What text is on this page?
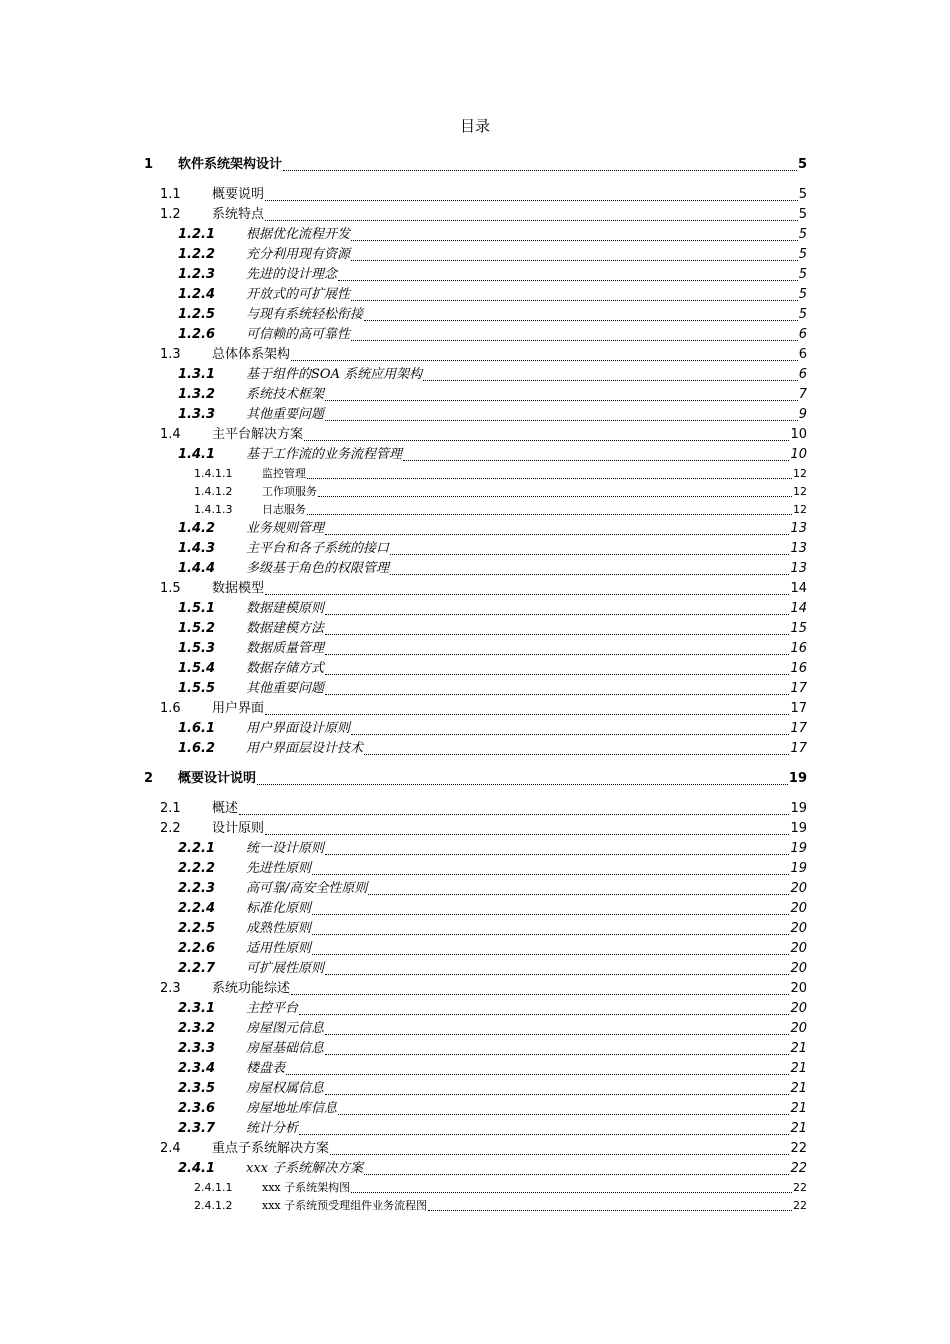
目录
1	软件系统架构设计	5
1.1	概要说明	5
1.2	系统特点	5
1.2.1	根据优化流程开发	5
1.2.2	充分利用现有资源	5
1.2.3	先进的设计理念	5
1.2.4	开放式的可扩展性	5
1.2.5	与现有系统轻松衔接	5
1.2.6	可信赖的高可靠性	6
1.3	总体体系架构	6
1.3.1	基于组件的SOA 系统应用架构	6
1.3.2	系统技术框架	7
1.3.3	其他重要问题	9
1.4	主平台解决方案	10
1.4.1	基于工作流的业务流程管理	10
1.4.1.1	监控管理	12
1.4.1.2	工作项服务	12
1.4.1.3	日志服务	12
1.4.2	业务规则管理	13
1.4.3	主平台和各子系统的接口	13
1.4.4	多级基于角色的权限管理	13
1.5	数据模型	14
1.5.1	数据建模原则	14
1.5.2	数据建模方法	15
1.5.3	数据质量管理	16
1.5.4	数据存储方式	16
1.5.5	其他重要问题	17
1.6	用户界面	17
1.6.1	用户界面设计原则	17
1.6.2	用户界面层设计技术	17
2	概要设计说明	19
2.1	概述	19
2.2	设计原则	19
2.2.1	统一设计原则	19
2.2.2	先进性原则	19
2.2.3	高可靠/高安全性原则	20
2.2.4	标准化原则	20
2.2.5	成熟性原则	20
2.2.6	适用性原则	20
2.2.7	可扩展性原则	20
2.3	系统功能综述	20
2.3.1	主控平台	20
2.3.2	房屋图元信息	20
2.3.3	房屋基础信息	21
2.3.4	楼盘表	21
2.3.5	房屋权属信息	21
2.3.6	房屋地址库信息	21
2.3.7	统计分析	21
2.4	重点子系统解决方案	22
2.4.1	xxx 子系统解决方案	22
2.4.1.1	xxx 子系统架构图	22
2.4.1.2	xxx 子系统预受理组件业务流程图	22
